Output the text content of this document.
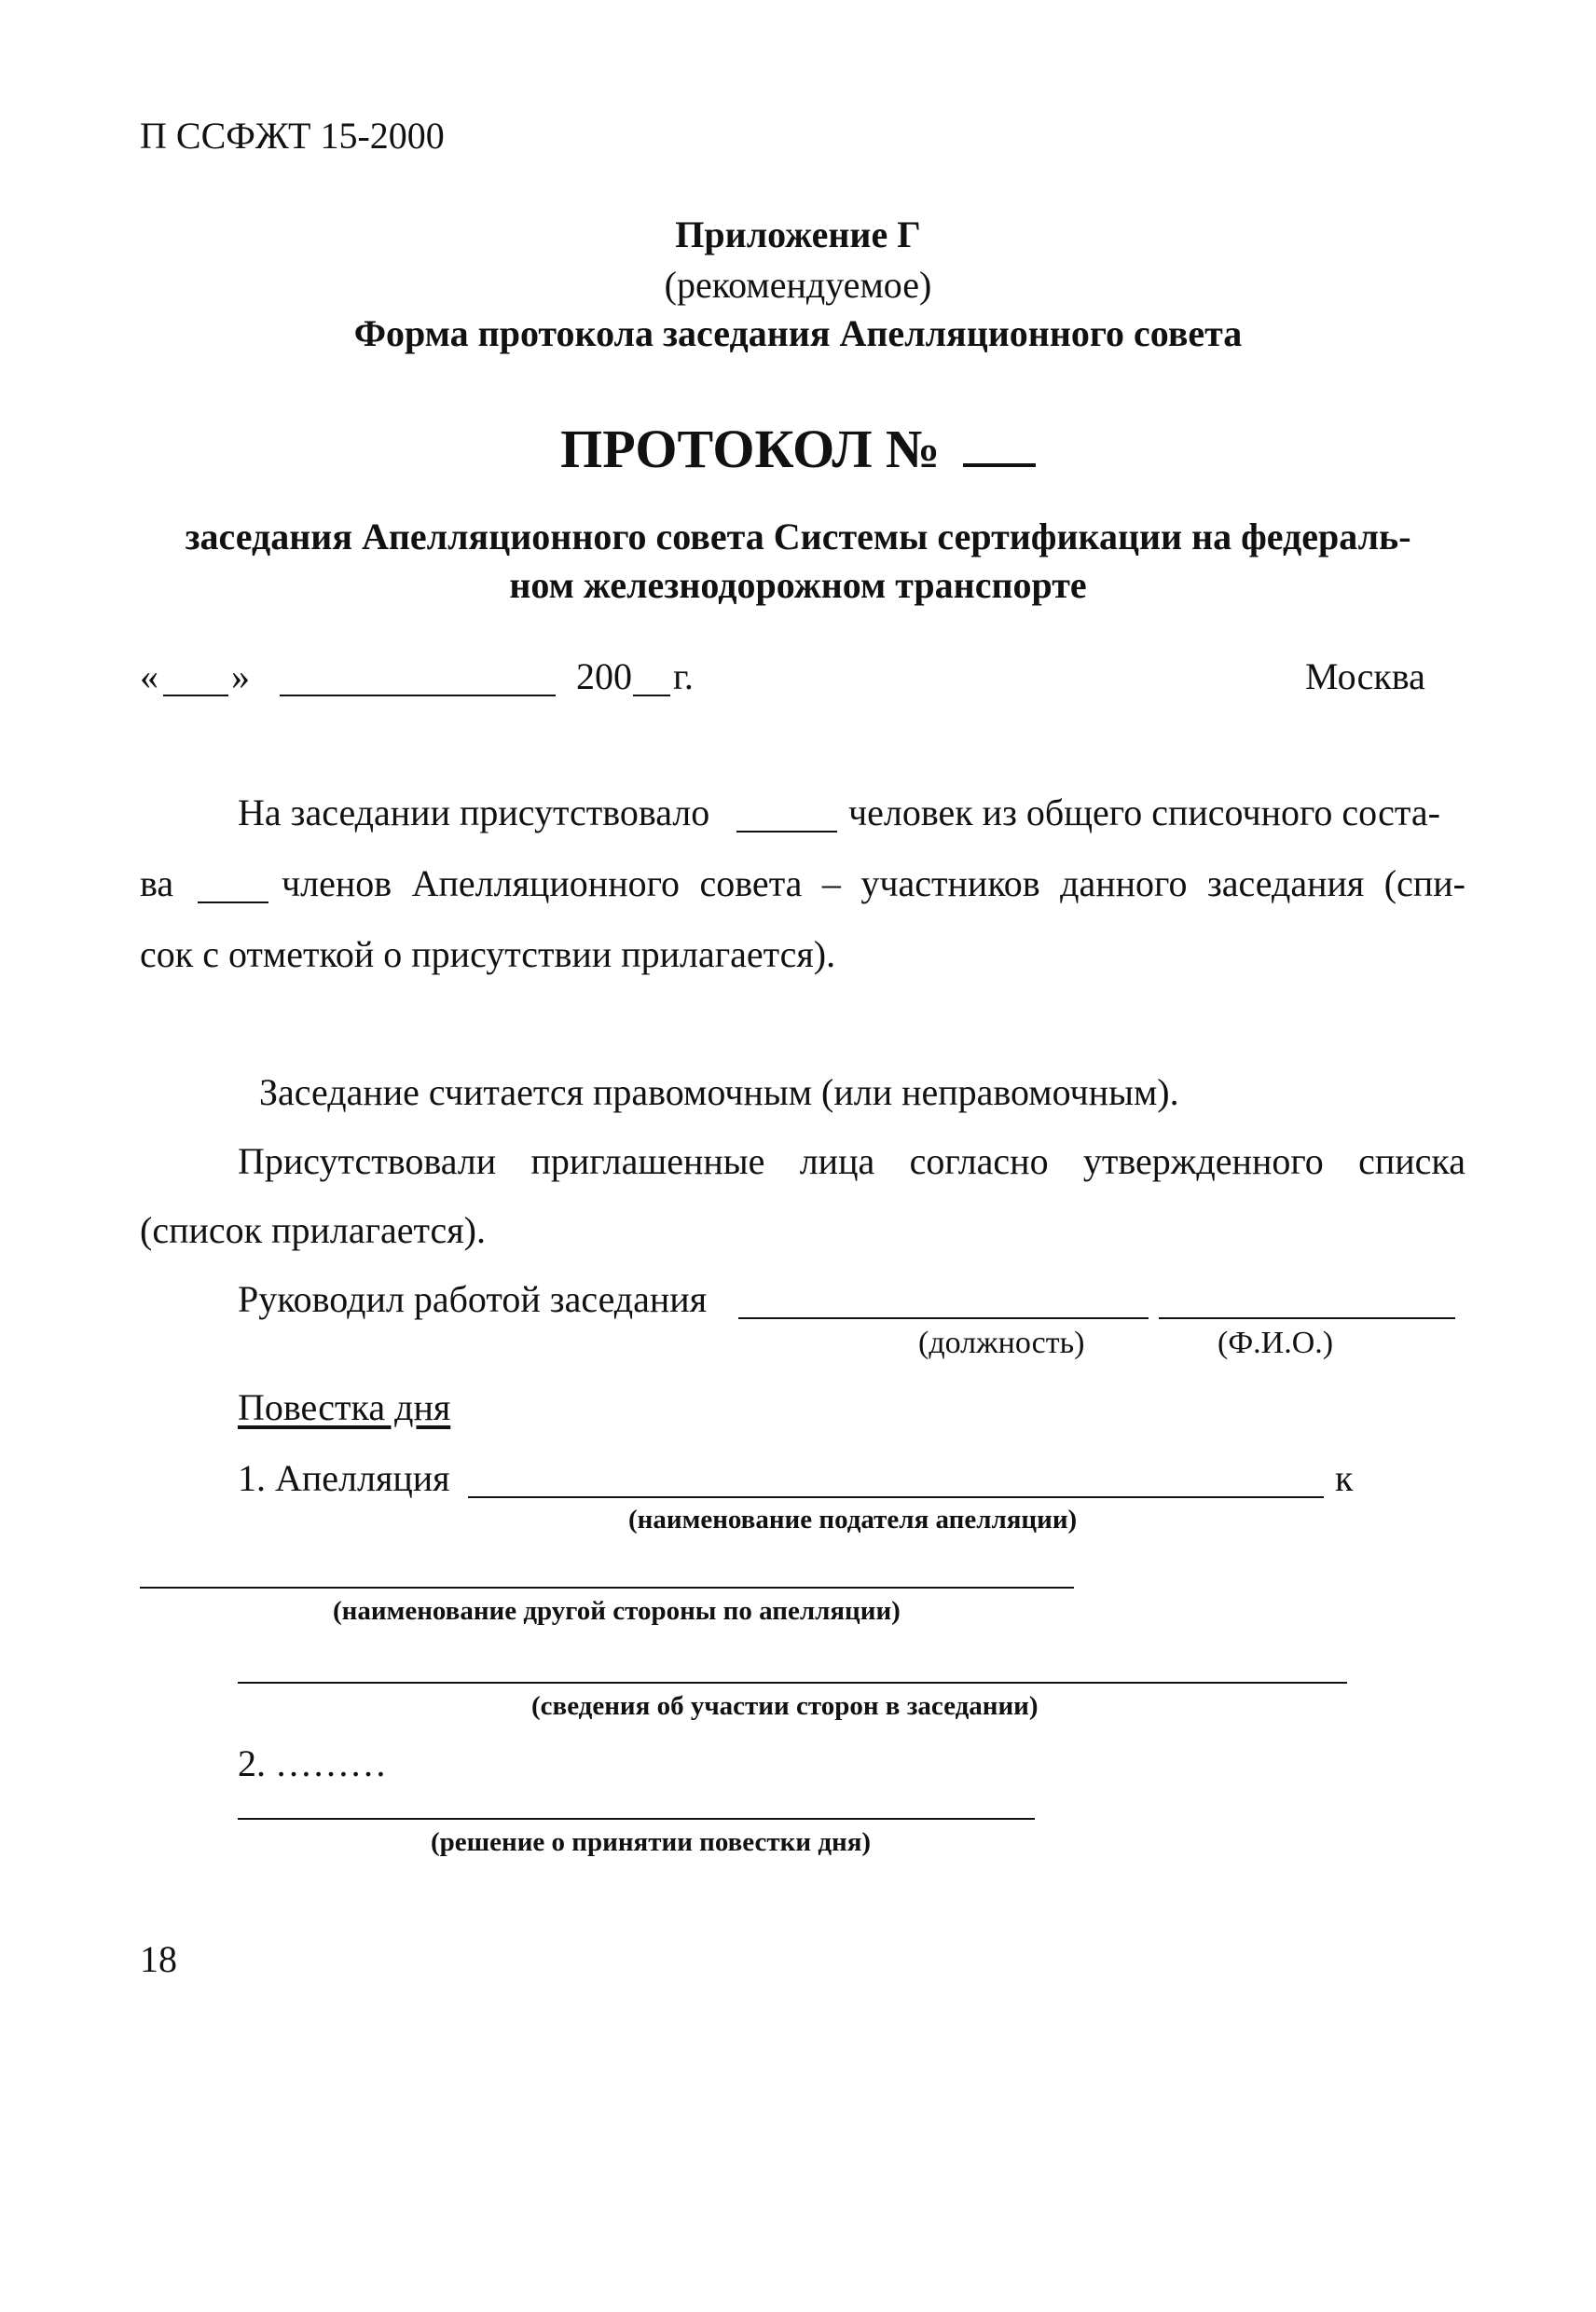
П ССФЖТ 15-2000
Приложение Г
(рекомендуемое)
Форма протокола заседания Апелляционного совета
ПРОТОКОЛ №
заседания Апелляционного совета Системы сертификации на федераль-
ном железнодорожном транспорте
« »	200 г.	Москва
На заседании присутствовало	человек из общего списочного соста-
ва	членов Апелляционного совета – участников данного заседания (спи-
сок с отметкой о присутствии прилагается).
Заседание считается правомочным (или неправомочным).
Присутствовали приглашенные лица согласно утвержденного списка
(список прилагается).
Руководил работой заседания
(должность)	(Ф.И.О.)
Повестка дня
1. Апелляция	к
(наименование подателя апелляции)
(наименование другой стороны по апелляции)
(сведения об участии сторон в заседании)
2. ………
(решение о принятии повестки дня)
18
